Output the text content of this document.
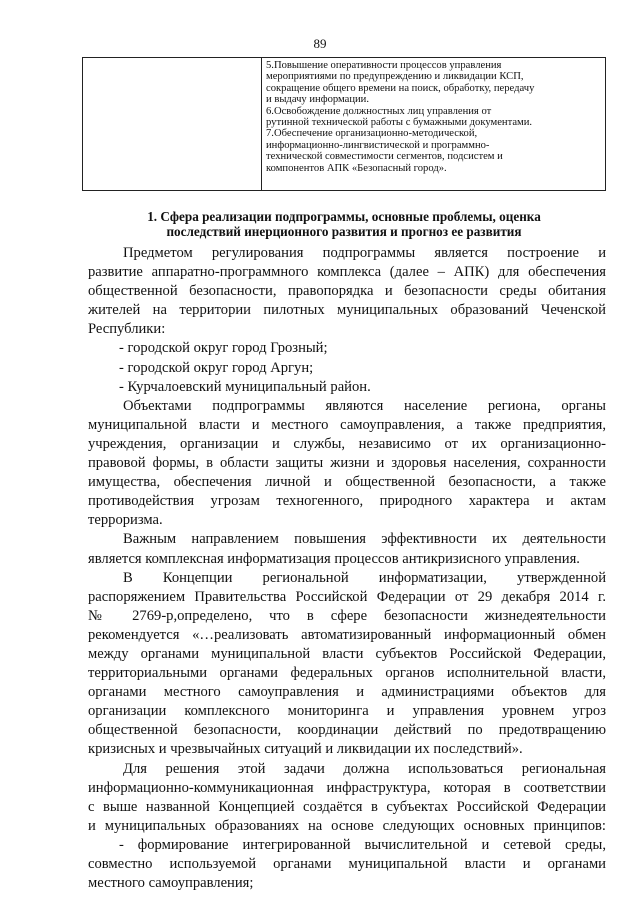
89

5.Повышение оперативности процессов управления
мероприятиями по предупреждению и ликвидации КСП,
сокращение общего времени на поиск, обработку, передачу
и выдачу информации.
6.Освобождение должностных лиц управления от
рутинной технической работы с бумажными документами.
7.Обеспечение организационно-методической,
информационно-лингвистической и программно-
технической совместимости сегментов, подсистем и
компонентов АПК «Безопасный город».
1. Сфера реализации подпрограммы, основные проблемы, оценка
последствий инерционного развития и прогноз ее развития
Предметом регулирования подпрограммы является построение и
развитие аппаратно-программного комплекса (далее – АПК) для обеспечения
общественной безопасности, правопорядка и безопасности среды обитания
жителей на территории пилотных муниципальных образований Чеченской
Республики:
- городской округ город Грозный;
- городской округ город Аргун;
- Курчалоевский муниципальный район.
Объектами подпрограммы являются население региона, органы
муниципальной власти и местного самоуправления, а также предприятия,
учреждения, организации и службы, независимо от их организационно-
правовой формы, в области защиты жизни и здоровья населения, сохранности
имущества, обеспечения личной и общественной безопасности, а также
противодействия угрозам техногенного, природного характера и актам
терроризма.
Важным направлением повышения эффективности их деятельности
является комплексная информатизация процессов антикризисного управления.
В Концепции региональной информатизации, утвержденной
распоряжением Правительства Российской Федерации от 29 декабря 2014 г.
№ 2769-р,определено, что в сфере безопасности жизнедеятельности
рекомендуется «…реализовать автоматизированный информационный обмен
между органами муниципальной власти субъектов Российской Федерации,
территориальными органами федеральных органов исполнительной власти,
органами местного самоуправления и администрациями объектов для
организации комплексного мониторинга и управления уровнем угроз
общественной безопасности, координации действий по предотвращению
кризисных и чрезвычайных ситуаций и ликвидации их последствий».
Для решения этой задачи должна использоваться региональная
информационно-коммуникационная инфраструктура, которая в соответствии
с выше названной Концепцией создаётся в субъектах Российской Федерации
и муниципальных образованиях на основе следующих основных принципов:
- формирование интегрированной вычислительной и сетевой среды,
совместно используемой органами муниципальной власти и органами
местного самоуправления;
